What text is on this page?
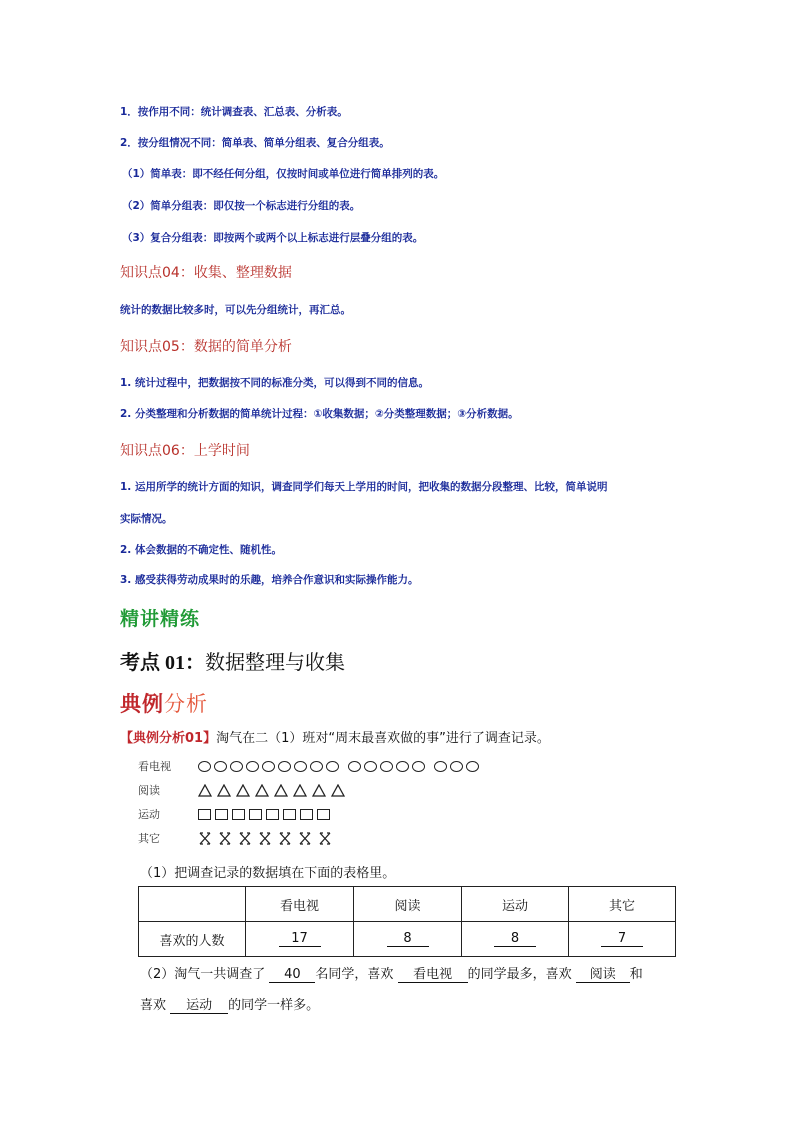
1．按作用不同：统计调查表、汇总表、分析表。
2．按分组情况不同：简单表、简单分组表、复合分组表。
（1）简单表：即不经任何分组，仅按时间或单位进行简单排列的表。
（2）简单分组表：即仅按一个标志进行分组的表。
（3）复合分组表：即按两个或两个以上标志进行层叠分组的表。
知识点04：收集、整理数据
统计的数据比较多时，可以先分组统计，再汇总。
知识点05：数据的简单分析
1. 统计过程中，把数据按不同的标准分类，可以得到不同的信息。
2. 分类整理和分析数据的简单统计过程：①收集数据；②分类整理数据；③分析数据。
知识点06：上学时间
1. 运用所学的统计方面的知识，调查同学们每天上学用的时间，把收集的数据分段整理、比较，简单说明
实际情况。
2. 体会数据的不确定性、随机性。
3. 感受获得劳动成果时的乐趣，培养合作意识和实际操作能力。
精讲精练
考点 01：数据整理与收集
典例分析
【典例分析01】淘气在二（1）班对“周末最喜欢做的事”进行了调查记录。
看电视
阅读
运动
其它
（1）把调查记录的数据填在下面的表格里。
	看电视	阅读	运动	其它
喜欢的人数	17	8	8	7
（2）淘气一共调查了 40 名同学，喜欢 看电视 的同学最多，喜欢 阅读 和
喜欢 运动 的同学一样多。
